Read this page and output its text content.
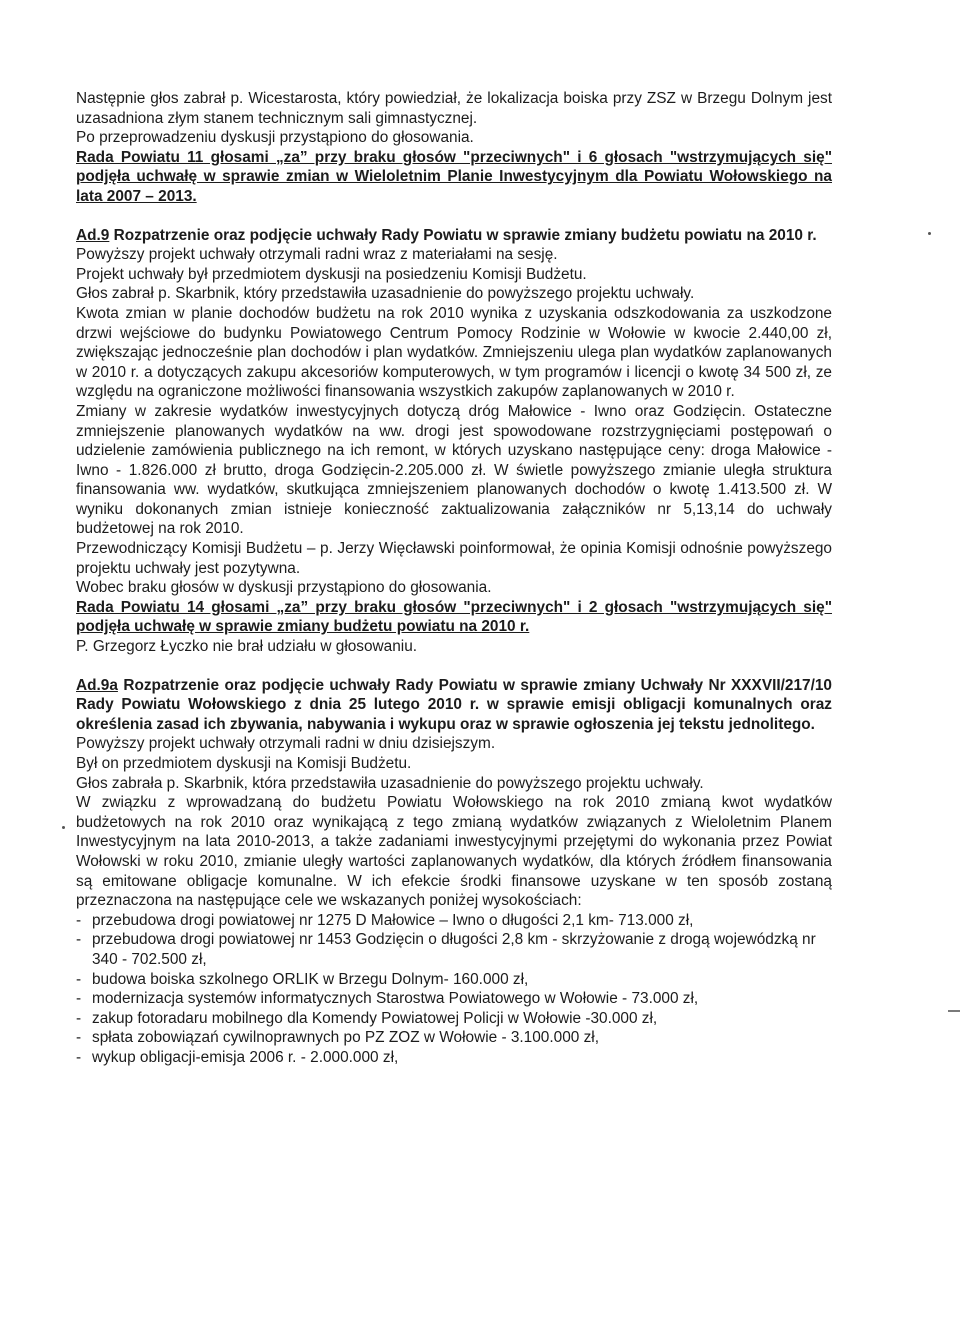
Następnie głos zabrał p. Wicestarosta, który powiedział, że lokalizacja boiska przy ZSZ w Brzegu Dolnym jest uzasadniona złym stanem technicznym sali gimnastycznej.

Po przeprowadzeniu dyskusji przystąpiono do głosowania.

Rada Powiatu 11 głosami „za” przy braku głosów "przeciwnych" i 6 głosach "wstrzymujących się" podjęła uchwałę w sprawie zmian w Wieloletnim Planie Inwestycyjnym dla Powiatu Wołowskiego na lata 2007 – 2013.

Ad.9 Rozpatrzenie oraz podjęcie uchwały Rady Powiatu w sprawie zmiany budżetu powiatu na 2010 r.

Powyższy projekt uchwały otrzymali radni wraz z materiałami na sesję.

Projekt uchwały był przedmiotem dyskusji na posiedzeniu Komisji Budżetu.

Głos zabrał p. Skarbnik, który przedstawiła uzasadnienie do powyższego projektu uchwały.

Kwota zmian w planie dochodów budżetu na rok 2010 wynika z uzyskania odszkodowania za uszkodzone drzwi wejściowe do budynku Powiatowego Centrum Pomocy Rodzinie w Wołowie w kwocie 2.440,00 zł, zwiększając jednocześnie plan dochodów i plan wydatków. Zmniejszeniu ulega plan wydatków zaplanowanych w 2010 r. a dotyczących zakupu akcesoriów komputerowych, w tym programów i licencji o kwotę 34 500 zł, ze względu na ograniczone możliwości finansowania wszystkich zakupów zaplanowanych w 2010 r.

Zmiany w zakresie wydatków inwestycyjnych dotyczą dróg Małowice - Iwno oraz Godzięcin. Ostateczne zmniejszenie planowanych wydatków na ww. drogi jest spowodowane rozstrzygnięciami postępowań o udzielenie zamówienia publicznego na ich remont, w których uzyskano następujące ceny: droga Małowice - Iwno - 1.826.000 zł brutto, droga Godzięcin-2.205.000 zł. W świetle powyższego zmianie uległa struktura finansowania ww. wydatków, skutkująca zmniejszeniem planowanych dochodów o kwotę 1.413.500 zł. W wyniku dokonanych zmian istnieje konieczność zaktualizowania załączników nr 5,13,14 do uchwały budżetowej na rok 2010.

Przewodniczący Komisji Budżetu – p. Jerzy Więcławski poinformował, że opinia Komisji odnośnie powyższego projektu uchwały jest pozytywna.

Wobec braku głosów w dyskusji przystąpiono do głosowania.

Rada Powiatu 14 głosami „za” przy braku głosów "przeciwnych" i 2 głosach "wstrzymujących się" podjęła uchwałę w sprawie zmiany budżetu powiatu na 2010 r.

P. Grzegorz Łyczko nie brał udziału w głosowaniu.

Ad.9a Rozpatrzenie oraz podjęcie uchwały Rady Powiatu w sprawie zmiany Uchwały Nr XXXVII/217/10 Rady Powiatu Wołowskiego z dnia 25 lutego 2010 r. w sprawie emisji obligacji komunalnych oraz określenia zasad ich zbywania, nabywania i wykupu oraz w sprawie ogłoszenia jej tekstu jednolitego.

Powyższy projekt uchwały otrzymali radni w dniu dzisiejszym.

Był on przedmiotem dyskusji na Komisji Budżetu.

Głos zabrała p. Skarbnik, która przedstawiła uzasadnienie do powyższego projektu uchwały.

W związku z wprowadzaną do budżetu Powiatu Wołowskiego na rok 2010 zmianą kwot wydatków budżetowych na rok 2010 oraz wynikającą z tego zmianą wydatków związanych z Wieloletnim Planem Inwestycyjnym na lata 2010-2013, a także zadaniami inwestycyjnymi przejętymi do wykonania przez Powiat Wołowski w roku 2010, zmianie uległy wartości zaplanowanych wydatków, dla których źródłem finansowania są emitowane obligacje komunalne. W ich efekcie środki finansowe uzyskane w ten sposób zostaną przeznaczona na następujące cele we wskazanych poniżej wysokościach:

- przebudowa drogi powiatowej nr 1275 D Małowice – Iwno o długości 2,1 km- 713.000 zł,
- przebudowa drogi powiatowej nr 1453 Godzięcin o długości 2,8 km - skrzyżowanie z drogą wojewódzką nr 340 - 702.500 zł,
- budowa boiska szkolnego ORLIK w Brzegu Dolnym- 160.000 zł,
- modernizacja systemów informatycznych Starostwa Powiatowego w Wołowie - 73.000 zł,
- zakup fotoradaru mobilnego dla Komendy Powiatowej Policji w Wołowie -30.000 zł,
- spłata zobowiązań cywilnoprawnych po PZ ZOZ w Wołowie - 3.100.000 zł,
- wykup obligacji-emisja 2006 r. - 2.000.000 zł,
